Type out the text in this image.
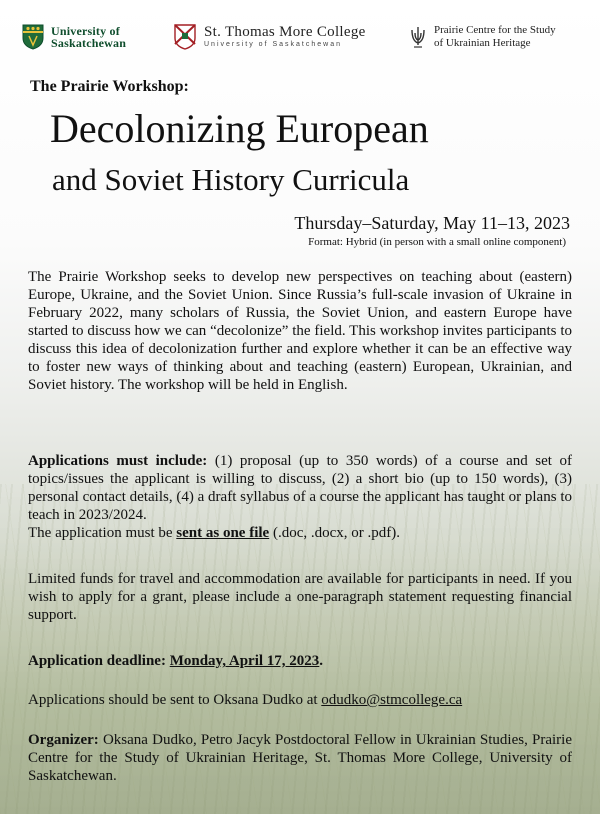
University of
Saskatchewan
St. Thomas More College
University of Saskatchewan
Prairie Centre for the Study
of Ukrainian Heritage
The Prairie Workshop:
Decolonizing European
and Soviet History Curricula
Thursday–Saturday, May 11–13, 2023
Format: Hybrid (in person with a small online component)
The Prairie Workshop seeks to develop new perspectives on teaching about (eastern) Europe, Ukraine, and the Soviet Union. Since Russia’s full-scale invasion of Ukraine in February 2022, many scholars of Russia, the Soviet Union, and eastern Europe have started to discuss how we can “decolonize” the field. This workshop invites participants to discuss this idea of decolonization further and explore whether it can be an effective way to foster new ways of thinking about and teaching (eastern) European, Ukrainian, and Soviet history. The workshop will be held in English.
Applications must include: (1) proposal (up to 350 words) of a course and set of topics/issues the applicant is willing to discuss, (2) a short bio (up to 150 words), (3) personal contact details, (4) a draft syllabus of a course the applicant has taught or plans to teach in 2023/2024.
The application must be sent as one file (.doc, .docx, or .pdf).
Limited funds for travel and accommodation are available for participants in need. If you wish to apply for a grant, please include a one-paragraph statement requesting financial support.
Application deadline: Monday, April 17, 2023.
Applications should be sent to Oksana Dudko at odudko@stmcollege.ca
Organizer: Oksana Dudko, Petro Jacyk Postdoctoral Fellow in Ukrainian Studies, Prairie Centre for the Study of Ukrainian Heritage, St. Thomas More College, University of Saskatchewan.
